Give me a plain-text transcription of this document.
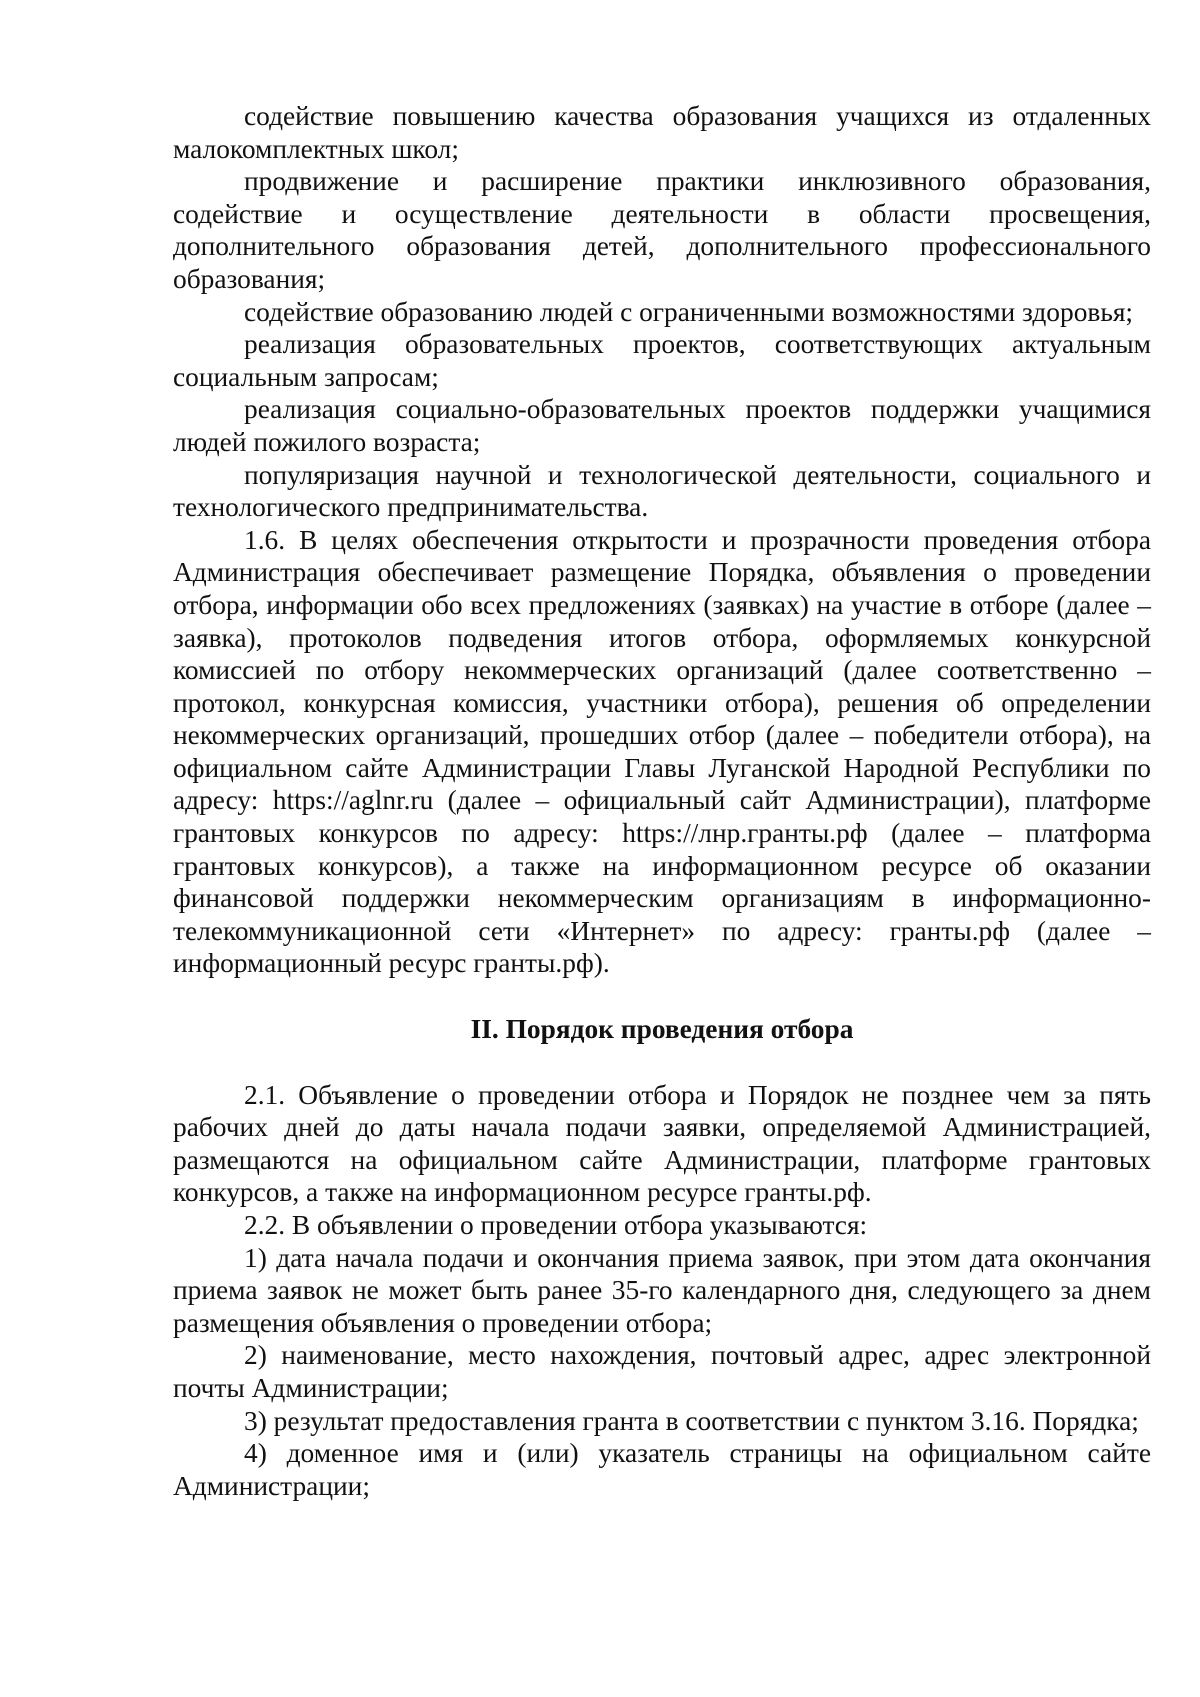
содействие повышению качества образования учащихся из отдаленных малокомплектных школ;

продвижение и расширение практики инклюзивного образования, содействие и осуществление деятельности в области просвещения, дополнительного образования детей, дополнительного профессионального образования;

содействие образованию людей с ограниченными возможностями здоровья;

реализация образовательных проектов, соответствующих актуальным социальным запросам;

реализация социально-образовательных проектов поддержки учащимися людей пожилого возраста;

популяризация научной и технологической деятельности, социального и технологического предпринимательства.

1.6. В целях обеспечения открытости и прозрачности проведения отбора Администрация обеспечивает размещение Порядка, объявления о проведении отбора, информации обо всех предложениях (заявках) на участие в отборе (далее – заявка), протоколов подведения итогов отбора, оформляемых конкурсной комиссией по отбору некоммерческих организаций (далее соответственно – протокол, конкурсная комиссия, участники отбора), решения об определении некоммерческих организаций, прошедших отбор (далее – победители отбора), на официальном сайте Администрации Главы Луганской Народной Республики по адресу: https://aglnr.ru (далее – официальный сайт Администрации), платформе грантовых конкурсов по адресу: https://лнр.гранты.рф (далее – платформа грантовых конкурсов), а также на информационном ресурсе об оказании финансовой поддержки некоммерческим организациям в информационно-телекоммуникационной сети «Интернет» по адресу: гранты.рф (далее – информационный ресурс гранты.рф).

II. Порядок проведения отбора

2.1. Объявление о проведении отбора и Порядок не позднее чем за пять рабочих дней до даты начала подачи заявки, определяемой Администрацией, размещаются на официальном сайте Администрации, платформе грантовых конкурсов, а также на информационном ресурсе гранты.рф.

2.2. В объявлении о проведении отбора указываются:

1) дата начала подачи и окончания приема заявок, при этом дата окончания приема заявок не может быть ранее 35-го календарного дня, следующего за днем размещения объявления о проведении отбора;

2) наименование, место нахождения, почтовый адрес, адрес электронной почты Администрации;

3) результат предоставления гранта в соответствии с пунктом 3.16. Порядка;

4) доменное имя и (или) указатель страницы на официальном сайте Администрации;
